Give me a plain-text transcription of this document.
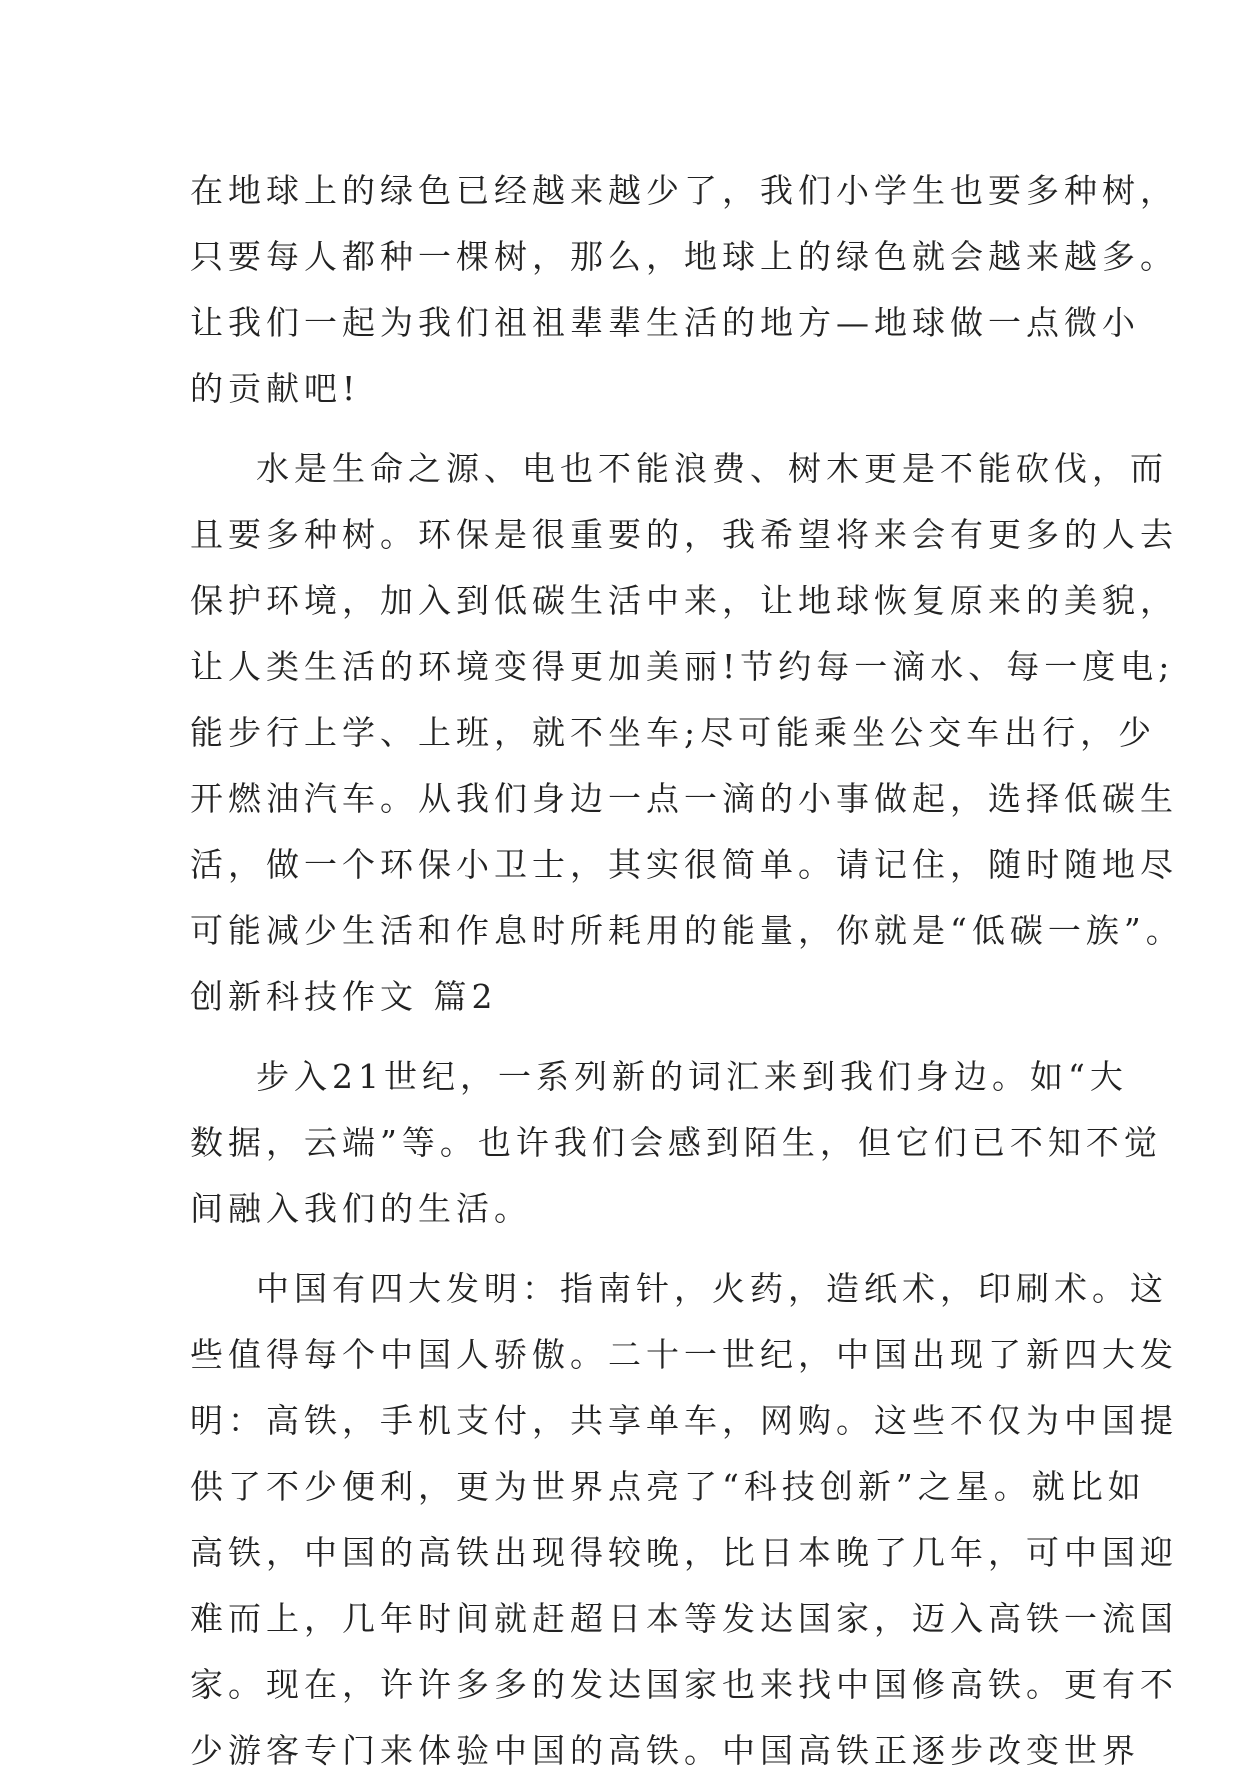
在地球上的绿色已经越来越少了，我们小学生也要多种树，
只要每人都种一棵树，那么，地球上的绿色就会越来越多。
让我们一起为我们祖祖辈辈生活的地方—地球做一点微小
的贡献吧!
水是生命之源、电也不能浪费、树木更是不能砍伐，而
且要多种树。环保是很重要的，我希望将来会有更多的人去
保护环境，加入到低碳生活中来，让地球恢复原来的美貌，
让人类生活的环境变得更加美丽!节约每一滴水、每一度电;
能步行上学、上班，就不坐车;尽可能乘坐公交车出行，少
开燃油汽车。从我们身边一点一滴的小事做起，选择低碳生
活，做一个环保小卫士，其实很简单。请记住，随时随地尽
可能减少生活和作息时所耗用的能量，你就是“低碳一族”。
创新科技作文 篇2
步入21世纪，一系列新的词汇来到我们身边。如“大
数据，云端”等。也许我们会感到陌生，但它们已不知不觉
间融入我们的生活。
中国有四大发明：指南针，火药，造纸术，印刷术。这
些值得每个中国人骄傲。二十一世纪，中国出现了新四大发
明：高铁，手机支付，共享单车，网购。这些不仅为中国提
供了不少便利，更为世界点亮了“科技创新”之星。就比如
高铁，中国的高铁出现得较晚，比日本晚了几年，可中国迎
难而上，几年时间就赶超日本等发达国家，迈入高铁一流国
家。现在，许许多多的发达国家也来找中国修高铁。更有不
少游客专门来体验中国的高铁。中国高铁正逐步改变世界
